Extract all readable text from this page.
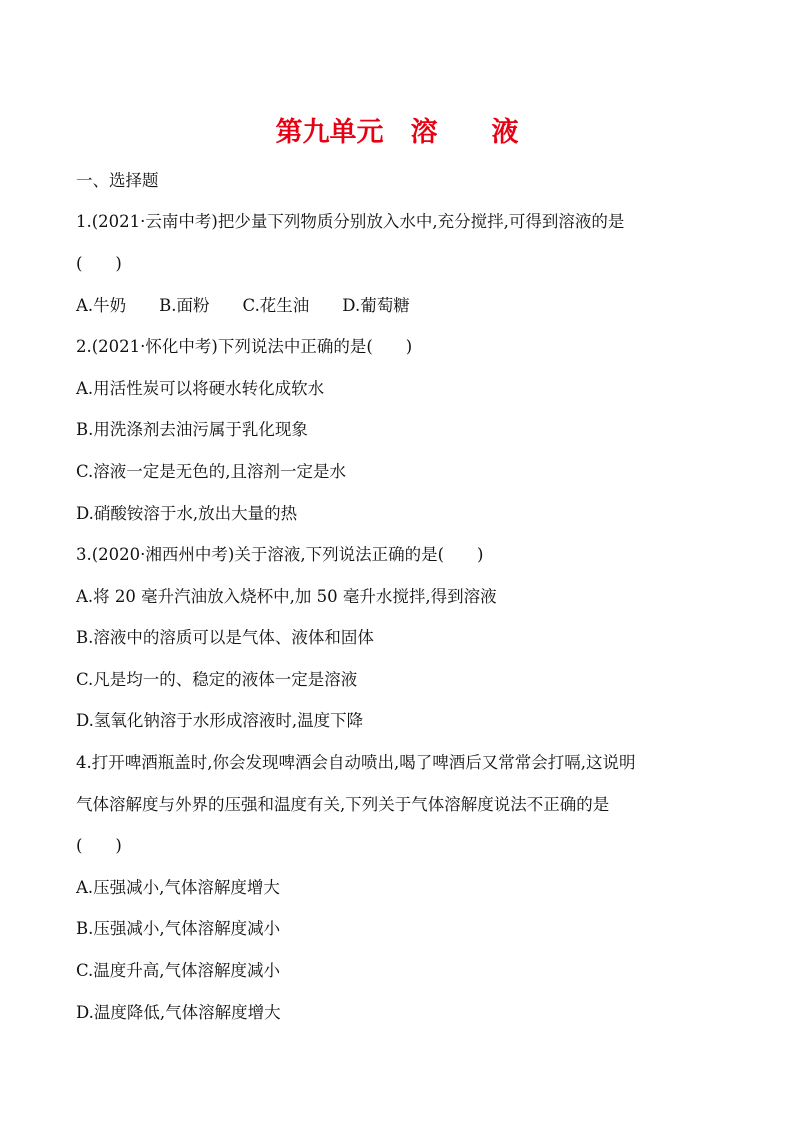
第九单元　溶　　液
一、选择题
1.(2021·云南中考)把少量下列物质分别放入水中,充分搅拌,可得到溶液的是
(　　)
A.牛奶　　B.面粉　　C.花生油　　D.葡萄糖
2.(2021·怀化中考)下列说法中正确的是(　　)
A.用活性炭可以将硬水转化成软水
B.用洗涤剂去油污属于乳化现象
C.溶液一定是无色的,且溶剂一定是水
D.硝酸铵溶于水,放出大量的热
3.(2020·湘西州中考)关于溶液,下列说法正确的是(　　)
A.将 20 毫升汽油放入烧杯中,加 50 毫升水搅拌,得到溶液
B.溶液中的溶质可以是气体、液体和固体
C.凡是均一的、稳定的液体一定是溶液
D.氢氧化钠溶于水形成溶液时,温度下降
4.打开啤酒瓶盖时,你会发现啤酒会自动喷出,喝了啤酒后又常常会打嗝,这说明
气体溶解度与外界的压强和温度有关,下列关于气体溶解度说法不正确的是
(　　)
A.压强减小,气体溶解度增大
B.压强减小,气体溶解度减小
C.温度升高,气体溶解度减小
D.温度降低,气体溶解度增大
